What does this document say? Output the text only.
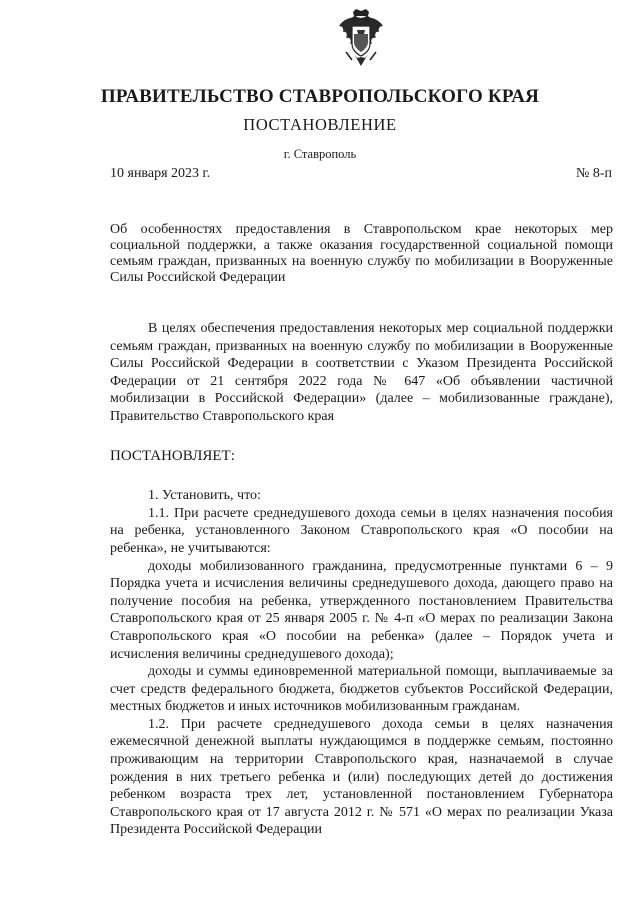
ПРАВИТЕЛЬСТВО СТАВРОПОЛЬСКОГО КРАЯ
ПОСТАНОВЛЕНИЕ
г. Ставрополь
10 января 2023 г.	№ 8-п
Об особенностях предоставления в Ставропольском крае некоторых мер социальной поддержки, а также оказания государственной социальной помощи семьям граждан, призванных на военную службу по мобилизации в Вооруженные Силы Российской Федерации

В целях обеспечения предоставления некоторых мер социальной поддержки семьям граждан, призванных на военную службу по мобилизации в Вооруженные Силы Российской Федерации в соответствии с Указом Президента Российской Федерации от 21 сентября 2022 года № 647 «Об объявлении частичной мобилизации в Российской Федерации» (далее – мобилизованные граждане), Правительство Ставропольского края

ПОСТАНОВЛЯЕТ:

1. Установить, что:

1.1. При расчете среднедушевого дохода семьи в целях назначения пособия на ребенка, установленного Законом Ставропольского края «О пособии на ребенка», не учитываются:

доходы мобилизованного гражданина, предусмотренные пунктами 6 – 9 Порядка учета и исчисления величины среднедушевого дохода, дающего право на получение пособия на ребенка, утвержденного постановлением Правительства Ставропольского края от 25 января 2005 г. № 4-п «О мерах по реализации Закона Ставропольского края «О пособии на ребенка» (далее – Порядок учета и исчисления величины среднедушевого дохода);

доходы и суммы единовременной материальной помощи, выплачиваемые за счет средств федерального бюджета, бюджетов субъектов Российской Федерации, местных бюджетов и иных источников мобилизованным гражданам.

1.2. При расчете среднедушевого дохода семьи в целях назначения ежемесячной денежной выплаты нуждающимся в поддержке семьям, постоянно проживающим на территории Ставропольского края, назначаемой в случае рождения в них третьего ребенка и (или) последующих детей до достижения ребенком возраста трех лет, установленной постановлением Губернатора Ставропольского края от 17 августа 2012 г. № 571 «О мерах по реализации Указа Президента Российской Федерации
